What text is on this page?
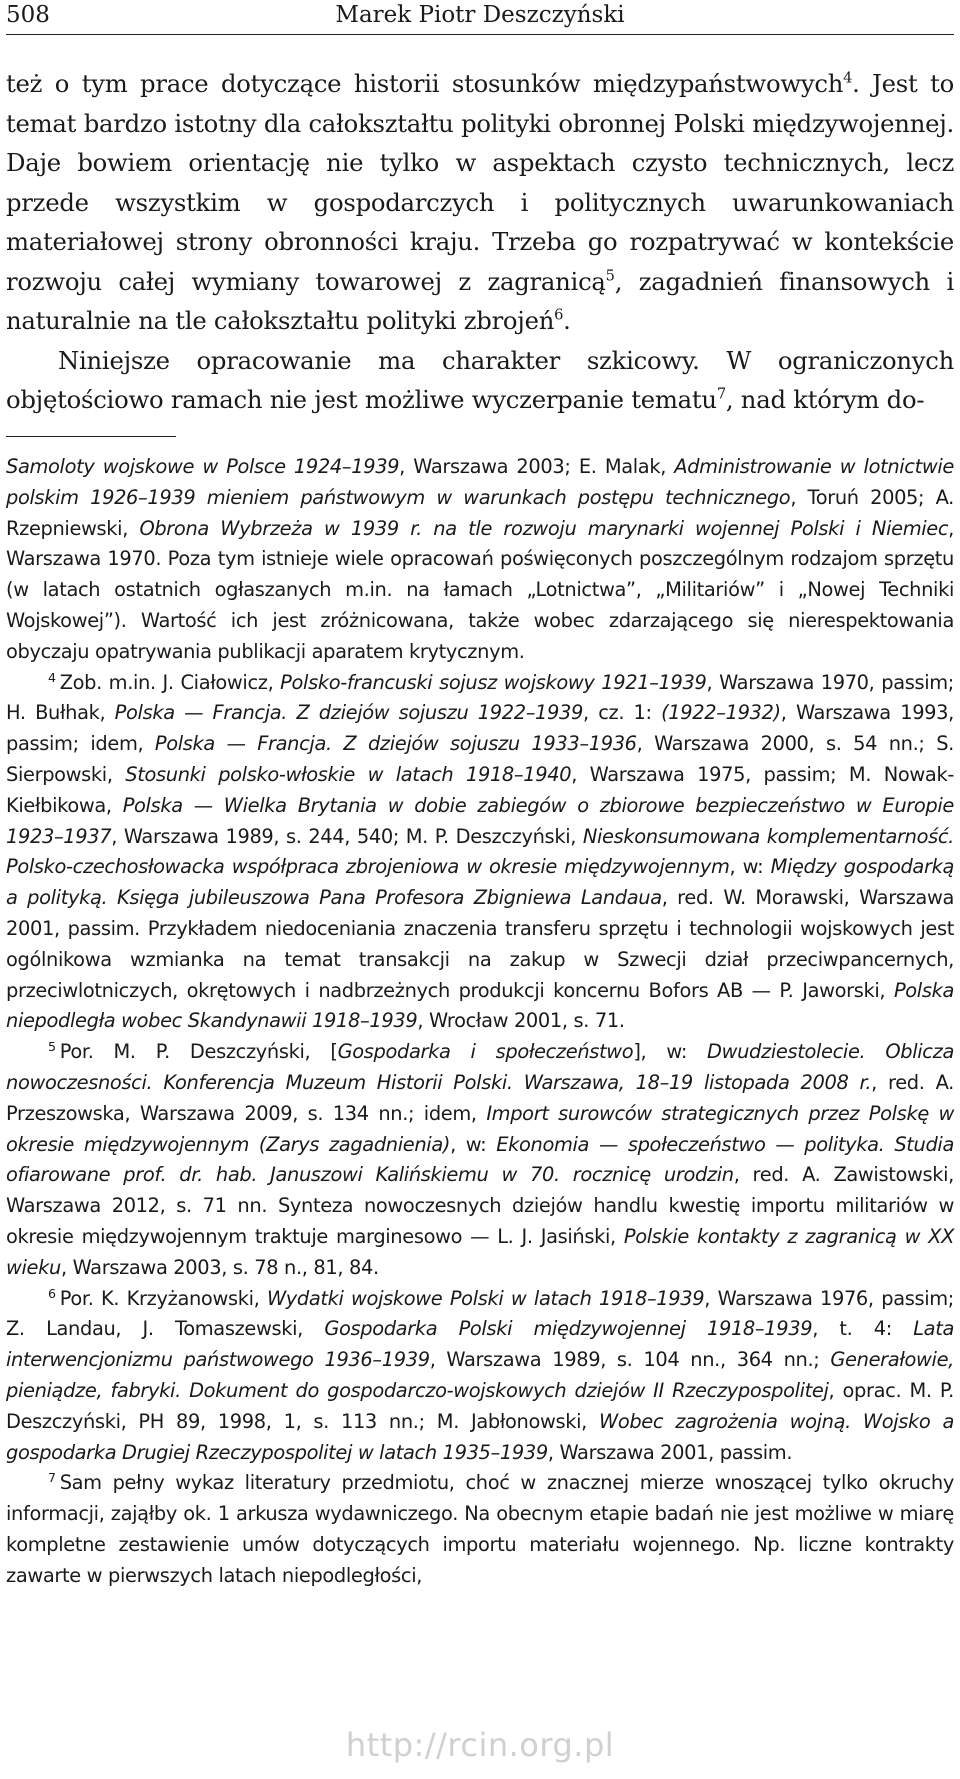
508	Marek Piotr Deszczyński

też o tym prace dotyczące historii stosunków międzypaństwowych$^4$. Jest to temat bardzo istotny dla całokształtu polityki obronnej Polski międzywojennej. Daje bowiem orientację nie tylko w aspektach czysto technicznych, lecz przede wszystkim w gospodarczych i politycznych uwarunkowaniach materiałowej strony obronności kraju. Trzeba go rozpatrywać w kontekście rozwoju całej wymiany towarowej z zagranicą$^5$, zagadnień finansowych i naturalnie na tle całokształtu polityki zbrojeń$^6$.

Niniejsze opracowanie ma charakter szkicowy. W ograniczonych objętościowo ramach nie jest możliwe wyczerpanie tematu$^7$, nad którym do-

Samoloty wojskowe w Polsce 1924–1939, Warszawa 2003; E. Malak, Administrowanie w lotnictwie polskim 1926–1939 mieniem państwowym w warunkach postępu technicznego, Toruń 2005; A. Rzepniewski, Obrona Wybrzeża w 1939 r. na tle rozwoju marynarki wojennej Polski i Niemiec, Warszawa 1970. Poza tym istnieje wiele opracowań poświęconych poszczególnym rodzajom sprzętu (w latach ostatnich ogłaszanych m.in. na łamach „Lotnictwa”, „Militariów” i „Nowej Techniki Wojskowej”). Wartość ich jest zróżnicowana, także wobec zdarzającego się nierespektowania obyczaju opatrywania publikacji aparatem krytycznym.

$^4$ Zob. m.in. J. Ciałowicz, Polsko-francuski sojusz wojskowy 1921–1939, Warszawa 1970, passim; H. Bułhak, Polska — Francja. Z dziejów sojuszu 1922–1939, cz. 1: (1922–1932), Warszawa 1993, passim; idem, Polska — Francja. Z dziejów sojuszu 1933–1936, Warszawa 2000, s. 54 nn.; S. Sierpowski, Stosunki polsko-włoskie w latach 1918–1940, Warszawa 1975, passim; M. Nowak-Kiełbikowa, Polska — Wielka Brytania w dobie zabiegów o zbiorowe bezpieczeństwo w Europie 1923–1937, Warszawa 1989, s. 244, 540; M. P. Deszczyński, Nieskonsumowana komplementarność. Polsko-czechosłowacka współpraca zbrojeniowa w okresie międzywojennym, w: Między gospodarką a polityką. Księga jubileuszowa Pana Profesora Zbigniewa Landaua, red. W. Morawski, Warszawa 2001, passim. Przykładem niedoceniania znaczenia transferu sprzętu i technologii wojskowych jest ogólnikowa wzmianka na temat transakcji na zakup w Szwecji dział przeciwpancernych, przeciwlotniczych, okrętowych i nadbrzeżnych produkcji koncernu Bofors AB — P. Jaworski, Polska niepodległa wobec Skandynawii 1918–1939, Wrocław 2001, s. 71.

$^5$ Por. M. P. Deszczyński, [Gospodarka i społeczeństwo], w: Dwudziestolecie. Oblicza nowoczesności. Konferencja Muzeum Historii Polski. Warszawa, 18–19 listopada 2008 r., red. A. Przeszowska, Warszawa 2009, s. 134 nn.; idem, Import surowców strategicznych przez Polskę w okresie międzywojennym (Zarys zagadnienia), w: Ekonomia — społeczeństwo — polityka. Studia ofiarowane prof. dr. hab. Januszowi Kalińskiemu w 70. rocznicę urodzin, red. A. Zawistowski, Warszawa 2012, s. 71 nn. Synteza nowoczesnych dziejów handlu kwestię importu militariów w okresie międzywojennym traktuje marginesowo — L. J. Jasiński, Polskie kontakty z zagranicą w XX wieku, Warszawa 2003, s. 78 n., 81, 84.

$^6$ Por. K. Krzyżanowski, Wydatki wojskowe Polski w latach 1918–1939, Warszawa 1976, passim; Z. Landau, J. Tomaszewski, Gospodarka Polski międzywojennej 1918–1939, t. 4: Lata interwencjonizmu państwowego 1936–1939, Warszawa 1989, s. 104 nn., 364 nn.; Generałowie, pieniądze, fabryki. Dokument do gospodarczo-wojskowych dziejów II Rzeczypospolitej, oprac. M. P. Deszczyński, PH 89, 1998, 1, s. 113 nn.; M. Jabłonowski, Wobec zagrożenia wojną. Wojsko a gospodarka Drugiej Rzeczypospolitej w latach 1935–1939, Warszawa 2001, passim.

$^7$ Sam pełny wykaz literatury przedmiotu, choć w znacznej mierze wnoszącej tylko okruchy informacji, zająłby ok. 1 arkusza wydawniczego. Na obecnym etapie badań nie jest możliwe w miarę kompletne zestawienie umów dotyczących importu materiału wojennego. Np. liczne kontrakty zawarte w pierwszych latach niepodległości,

http://rcin.org.pl
